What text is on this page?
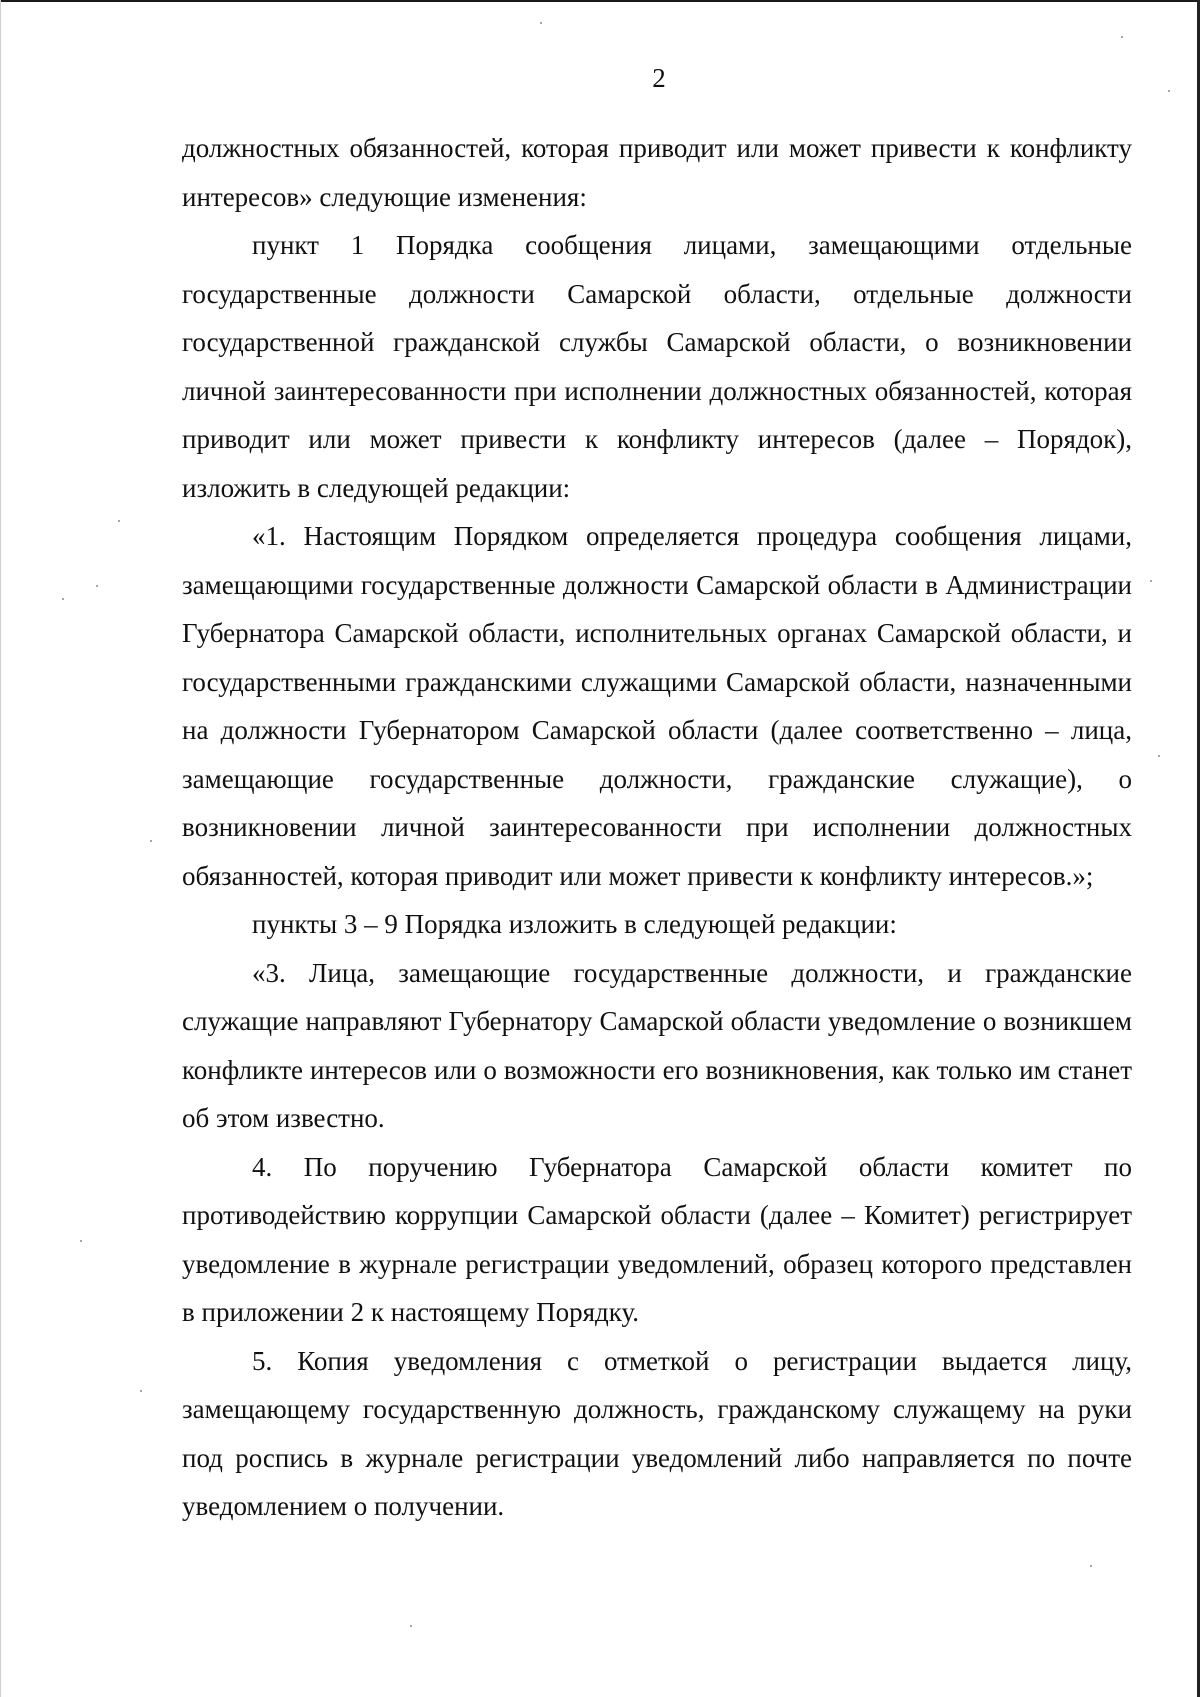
2

должностных обязанностей, которая приводит или может привести к конфликту интересов» следующие изменения:

пункт 1 Порядка сообщения лицами, замещающими отдельные государственные должности Самарской области, отдельные должности государственной гражданской службы Самарской области, о возникновении личной заинтересованности при исполнении должностных обязанностей, которая приводит или может привести к конфликту интересов (далее – Порядок), изложить в следующей редакции:

«1. Настоящим Порядком определяется процедура сообщения лицами, замещающими государственные должности Самарской области в Администрации Губернатора Самарской области, исполнительных органах Самарской области, и государственными гражданскими служащими Самарской области, назначенными на должности Губернатором Самарской области (далее соответственно – лица, замещающие государственные должности, гражданские служащие), о возникновении личной заинтересованности при исполнении должностных обязанностей, которая приводит или может привести к конфликту интересов.»;

пункты 3 – 9 Порядка изложить в следующей редакции:

«3. Лица, замещающие государственные должности, и гражданские служащие направляют Губернатору Самарской области уведомление о возникшем конфликте интересов или о возможности его возникновения, как только им станет об этом известно.

4. По поручению Губернатора Самарской области комитет по противодействию коррупции Самарской области (далее – Комитет) регистрирует уведомление в журнале регистрации уведомлений, образец которого представлен в приложении 2 к настоящему Порядку.

5. Копия уведомления с отметкой о регистрации выдается лицу, замещающему государственную должность, гражданскому служащему на руки под роспись в журнале регистрации уведомлений либо направляется по почте уведомлением о получении.
